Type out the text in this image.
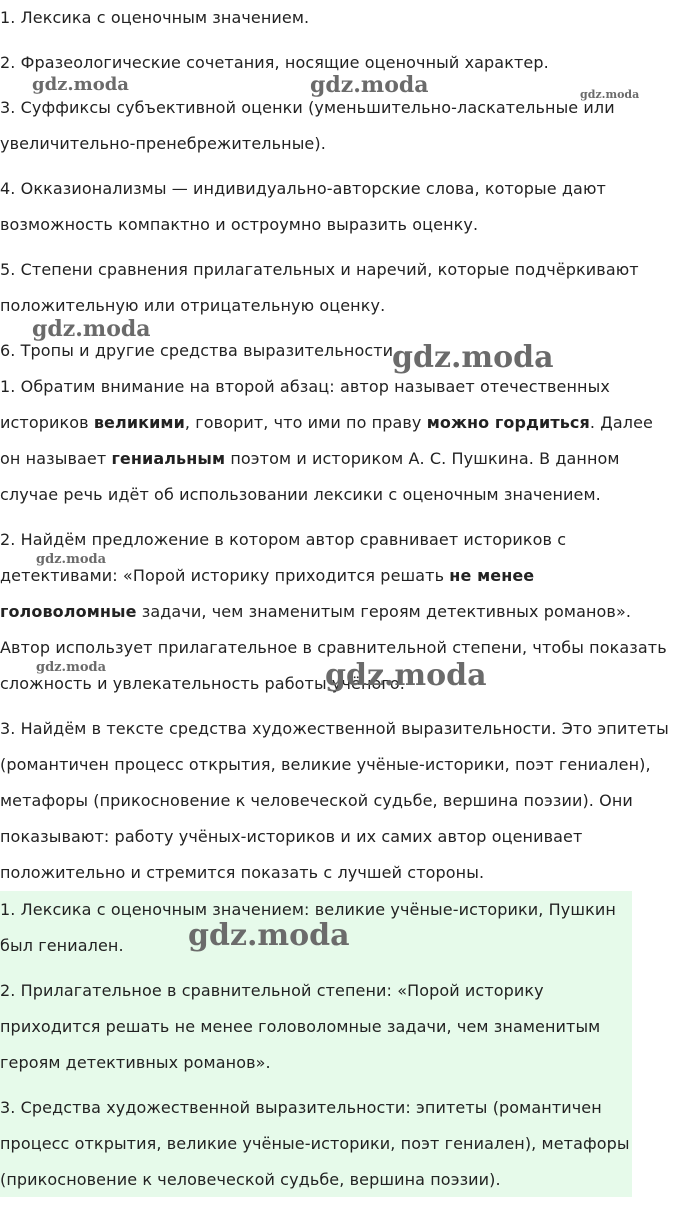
1. Лексика с оценочным значением.

2. Фразеологические сочетания, носящие оценочный характер.

3. Суффиксы субъективной оценки (уменьшительно-ласкательные или увеличительно-пренебрежительные).

4. Окказионализмы — индивидуально-авторские слова, которые дают возможность компактно и остроумно выразить оценку.

5. Степени сравнения прилагательных и наречий, которые подчёркивают положительную или отрицательную оценку.

6. Тропы и другие средства выразительности.

1. Обратим внимание на второй абзац: автор называет отечественных историков великими, говорит, что ими по праву можно гордиться. Далее он называет гениальным поэтом и историком А. С. Пушкина. В данном случае речь идёт об использовании лексики с оценочным значением.

2. Найдём предложение в котором автор сравнивает историков с детективами: «Порой историку приходится решать не менее головоломные задачи, чем знаменитым героям детективных романов». Автор использует прилагательное в сравнительной степени, чтобы показать сложность и увлекательность работы учёного.

3. Найдём в тексте средства художественной выразительности. Это эпитеты (романтичен процесс открытия, великие учёные-историки, поэт гениален), метафоры (прикосновение к человеческой судьбе, вершина поэзии). Они показывают: работу учёных-историков и их самих автор оценивает положительно и стремится показать с лучшей стороны.

1. Лексика с оценочным значением: великие учёные-историки, Пушкин был гениален.

2. Прилагательное в сравнительной степени: «Порой историку приходится решать не менее головоломные задачи, чем знаменитым героям детективных романов».

3. Средства художественной выразительности: эпитеты (романтичен процесс открытия, великие учёные-историки, поэт гениален), метафоры (прикосновение к человеческой судьбе, вершина поэзии).

gdz.moda	gdz.moda	gdz.moda
gdz.moda
gdz.moda
gdz.moda
gdz.moda	gdz.moda
gdz.moda
